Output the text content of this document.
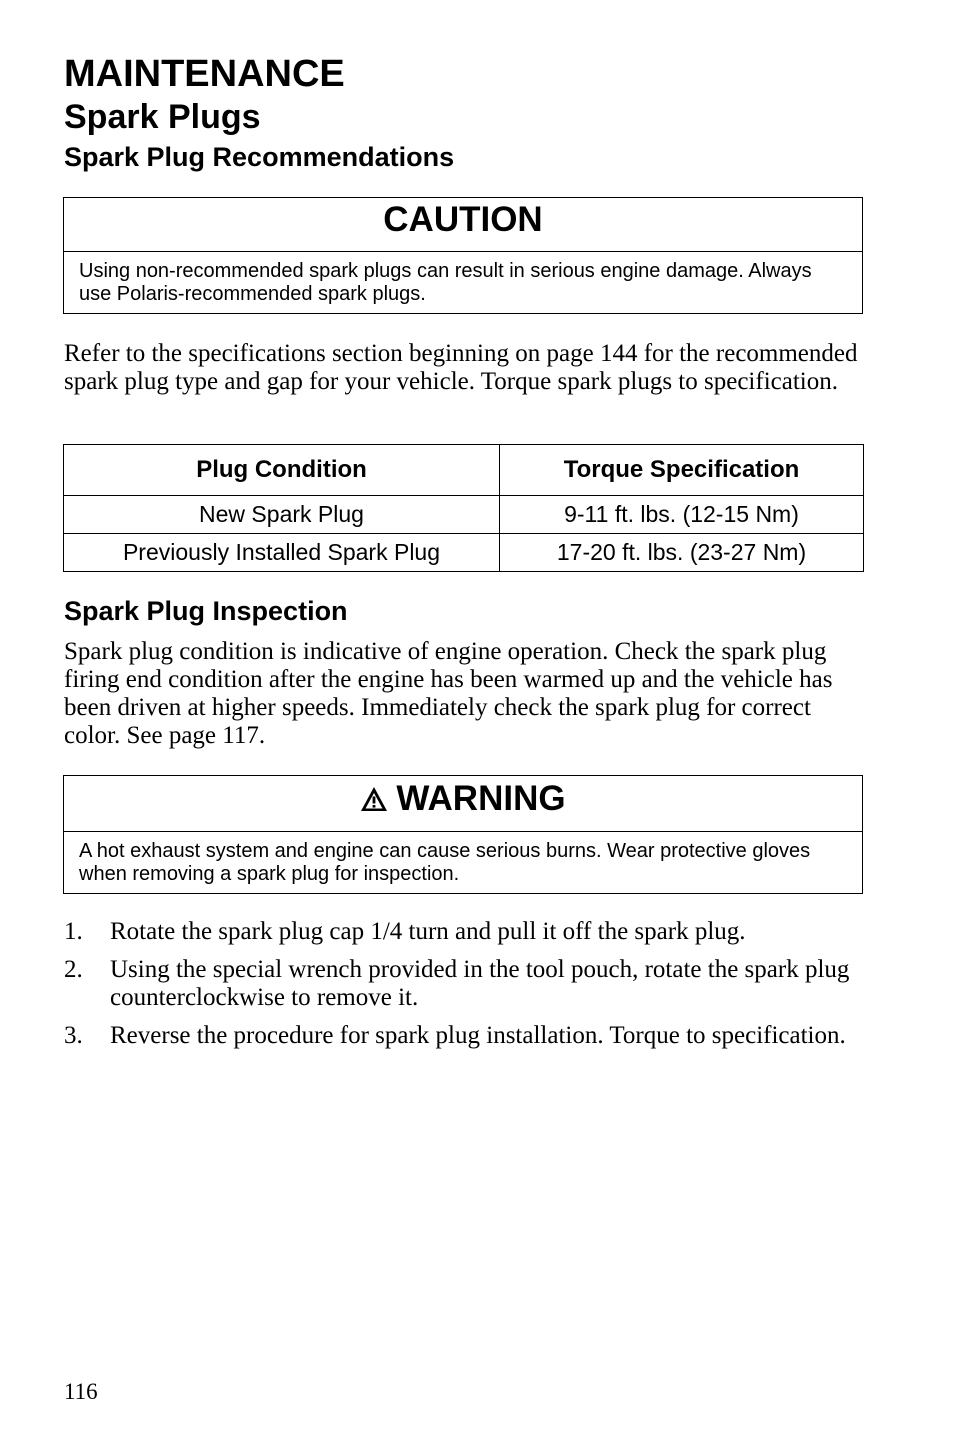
MAINTENANCE
Spark Plugs
Spark Plug Recommendations
CAUTION
Using non-recommended spark plugs can result in serious engine damage. Always use Polaris-recommended spark plugs.

Refer to the specifications section beginning on page 144 for the recommended spark plug type and gap for your vehicle. Torque spark plugs to specification.

Plug Condition	Torque Specification
New Spark Plug	9-11 ft. lbs. (12-15 Nm)
Previously Installed Spark Plug	17-20 ft. lbs. (23-27 Nm)
Spark Plug Inspection

Spark plug condition is indicative of engine operation. Check the spark plug firing end condition after the engine has been warmed up and the vehicle has been driven at higher speeds. Immediately check the spark plug for correct color. See page 117.

WARNING
A hot exhaust system and engine can cause serious burns. Wear protective gloves when removing a spark plug for inspection.
1. Rotate the spark plug cap 1/4 turn and pull it off the spark plug.
2. Using the special wrench provided in the tool pouch, rotate the spark plug counterclockwise to remove it.
3. Reverse the procedure for spark plug installation. Torque to specification.
116
